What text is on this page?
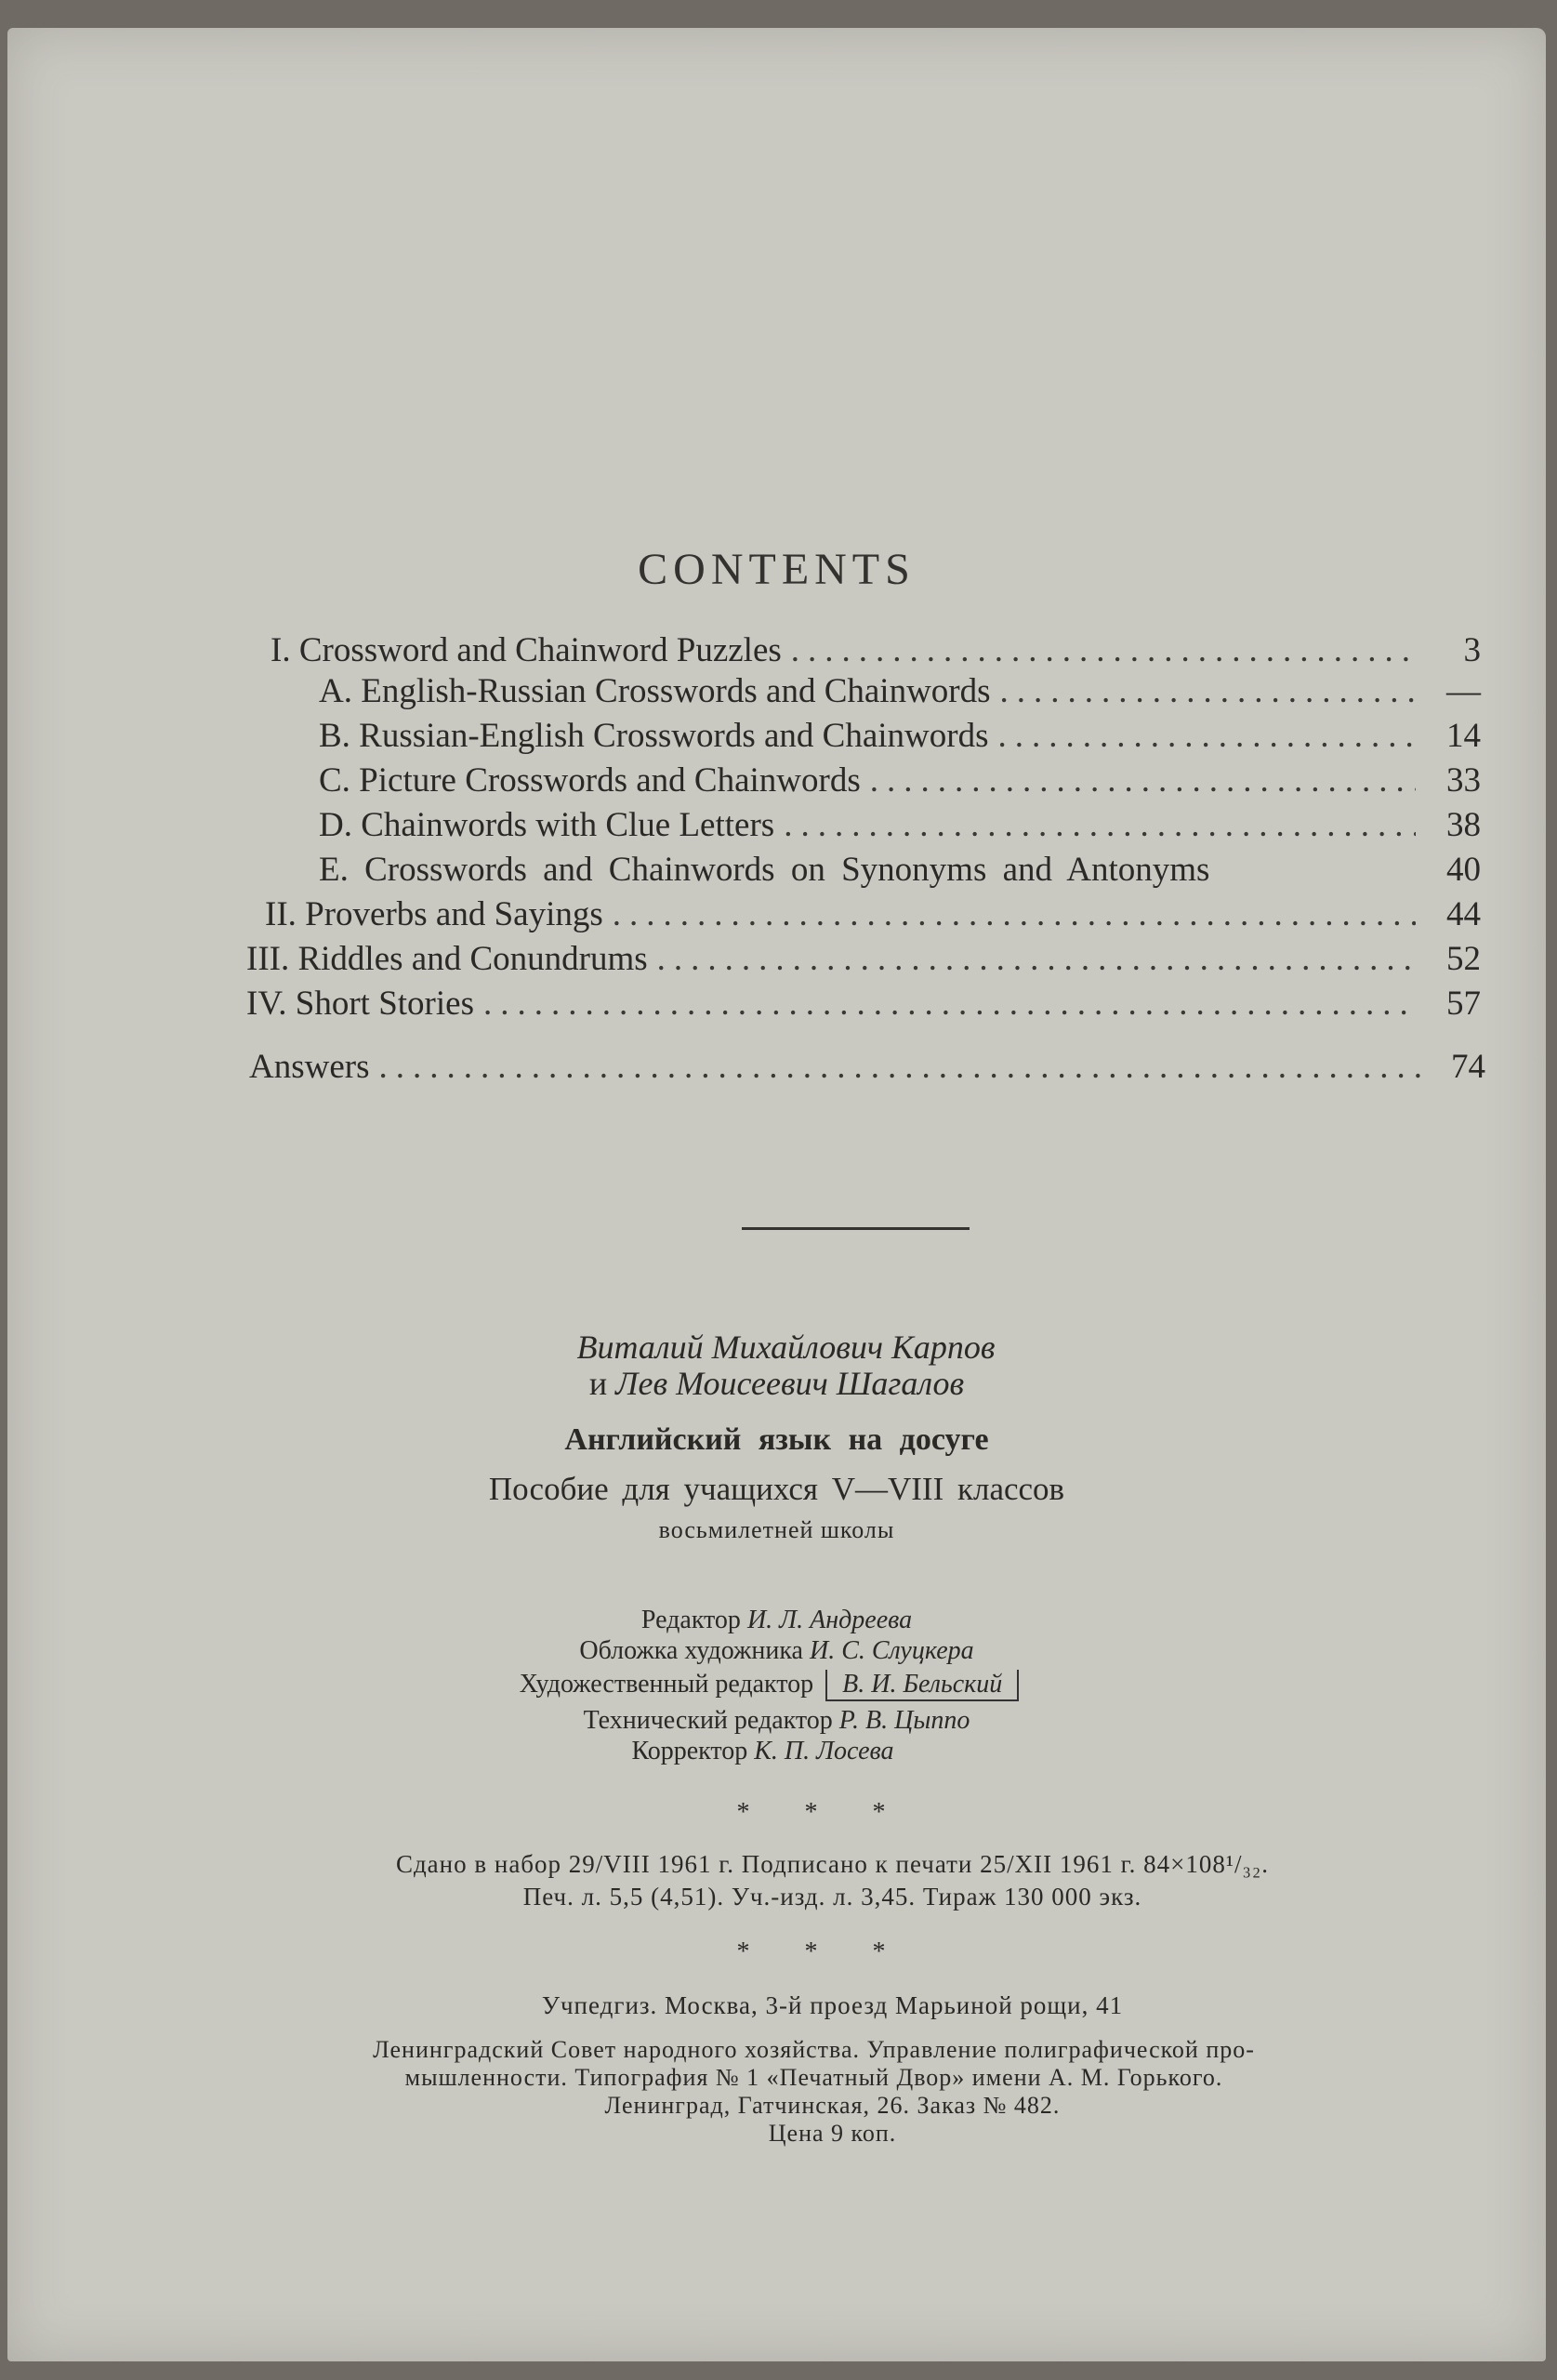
CONTENTS
I. Crossword and Chainword Puzzles .....	3
A. English-Russian Crosswords and Chainwords .....	—
B. Russian-English Crosswords and Chainwords .....	14
C. Picture Crosswords and Chainwords .....	33
D. Chainwords with Clue Letters .....	38
E. Crosswords and Chainwords on Synonyms and Antonyms	40
II. Proverbs and Sayings .....	44
III. Riddles and Conundrums .....	52
IV. Short Stories .....	57
Answers .....	74
Виталий Михайлович Карпов
и Лев Моисеевич Шагалов
Английский язык на досуге
Пособие для учащихся V—VIII классов
восьмилетней школы
Редактор И. Л. Андреева
Обложка художника И. С. Слуцкера
Художественный редактор В. И. Бельский
Технический редактор Р. В. Цыппо
Корректор К. П. Лосева
* * *
Сдано в набор 29/VIII 1961 г. Подписано к печати 25/XII 1961 г. 84×108¹/₃₂.
Печ. л. 5,5 (4,51). Уч.-изд. л. 3,45. Тираж 130 000 экз.
* * *
Учпедгиз. Москва, 3-й проезд Марьиной рощи, 41
Ленинградский Совет народного хозяйства. Управление полиграфической про-
мышленности. Типография № 1 «Печатный Двор» имени А. М. Горького.
Ленинград, Гатчинская, 26. Заказ № 482.
Цена 9 коп.
